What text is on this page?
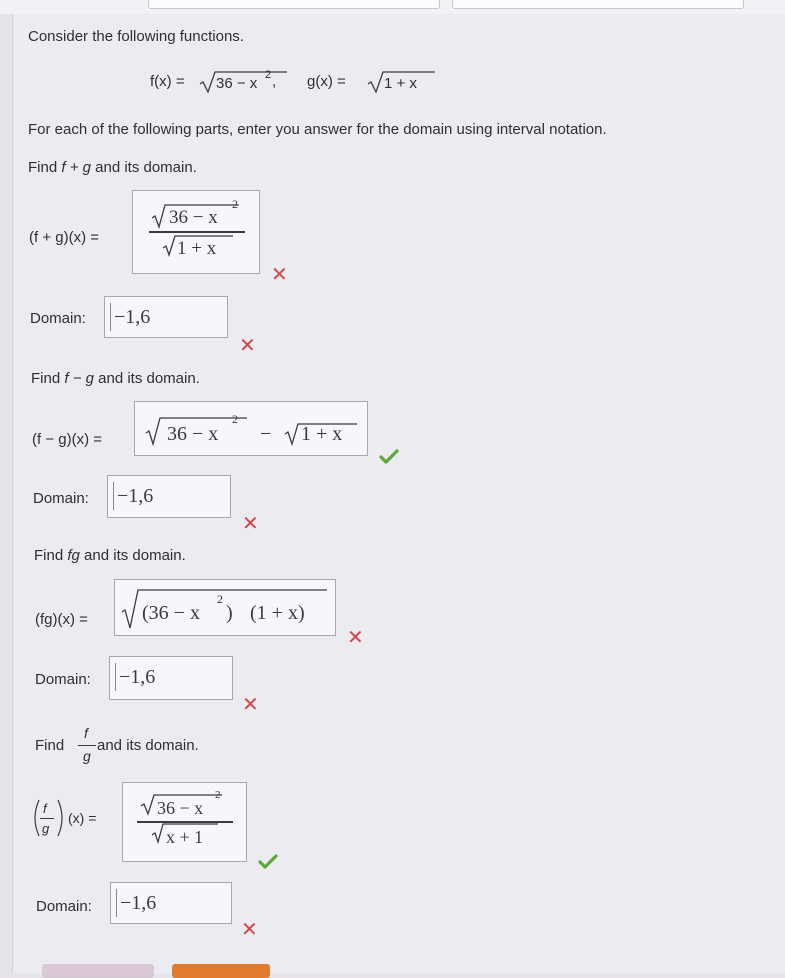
Consider the following functions.
f(x) = 36 − x 2 , g(x) =	1 + x
For each of the following parts, enter you answer for the domain using interval notation.
Find f + g and its domain.
(f + g)(x) =
36 − x
2
1 + x
✕
Domain: −1,6
✕
Find f − g and its domain.
(f − g)(x) =	36 − x
2
− 1 + x
Domain: −1,6
✕
Find fg and its domain.
(fg)(x) =	(36 − x
2
) (1 + x)
✕
Domain: −1,6
✕
Find
f
g
and its domain.
f
g
(x) =	36 − x
2
x + 1
Domain: −1,6
✕
